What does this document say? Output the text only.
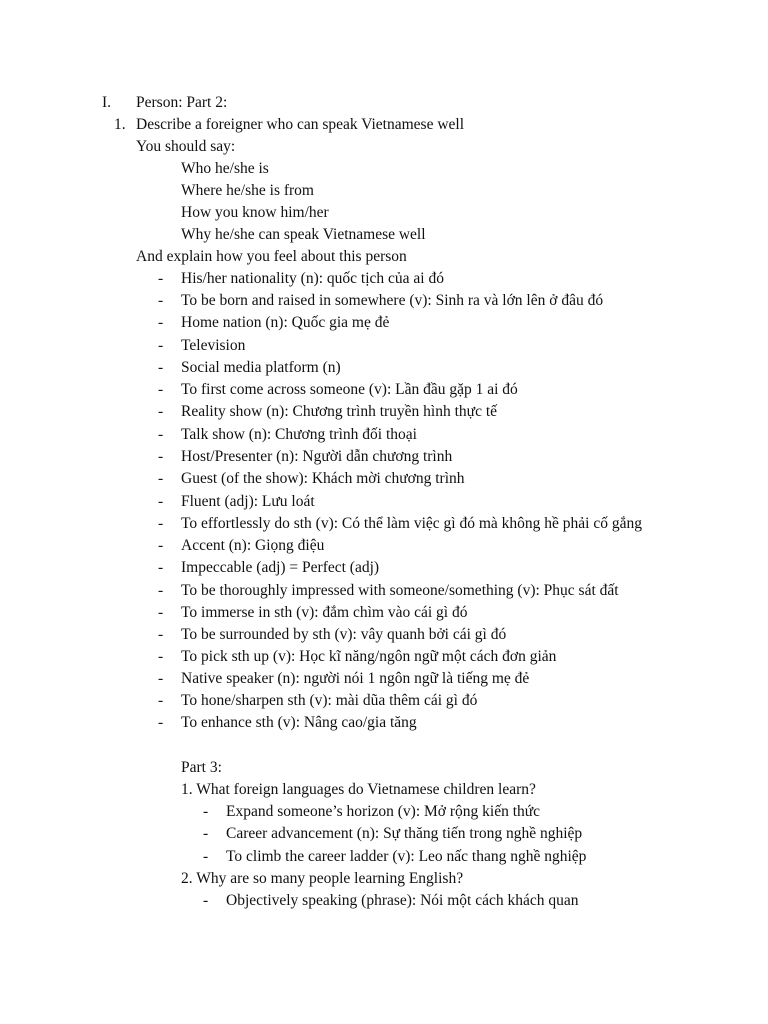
I. Person: Part 2:
1. Describe a foreigner who can speak Vietnamese well
You should say:
Who he/she is
Where he/she is from
How you know him/her
Why he/she can speak Vietnamese well
And explain how you feel about this person
- His/her nationality (n): quốc tịch của ai đó
- To be born and raised in somewhere (v): Sinh ra và lớn lên ở đâu đó
- Home nation (n): Quốc gia mẹ đẻ
- Television
- Social media platform (n)
- To first come across someone (v): Lần đầu gặp 1 ai đó
- Reality show (n): Chương trình truyền hình thực tế
- Talk show (n): Chương trình đối thoại
- Host/Presenter (n): Người dẫn chương trình
- Guest (of the show): Khách mời chương trình
- Fluent (adj): Lưu loát
- To effortlessly do sth (v): Có thể làm việc gì đó mà không hề phải cố gắng
- Accent (n): Giọng điệu
- Impeccable (adj) = Perfect (adj)
- To be thoroughly impressed with someone/something (v): Phục sát đất
- To immerse in sth (v): đắm chìm vào cái gì đó
- To be surrounded by sth (v): vây quanh bởi cái gì đó
- To pick sth up (v): Học kĩ năng/ngôn ngữ một cách đơn giản
- Native speaker (n): người nói 1 ngôn ngữ là tiếng mẹ đẻ
- To hone/sharpen sth (v): mài dũa thêm cái gì đó
- To enhance sth (v): Nâng cao/gia tăng
Part 3:
1. What foreign languages do Vietnamese children learn?
- Expand someone’s horizon (v): Mở rộng kiến thức
- Career advancement (n): Sự thăng tiến trong nghề nghiệp
- To climb the career ladder (v): Leo nấc thang nghề nghiệp
2. Why are so many people learning English?
- Objectively speaking (phrase): Nói một cách khách quan
